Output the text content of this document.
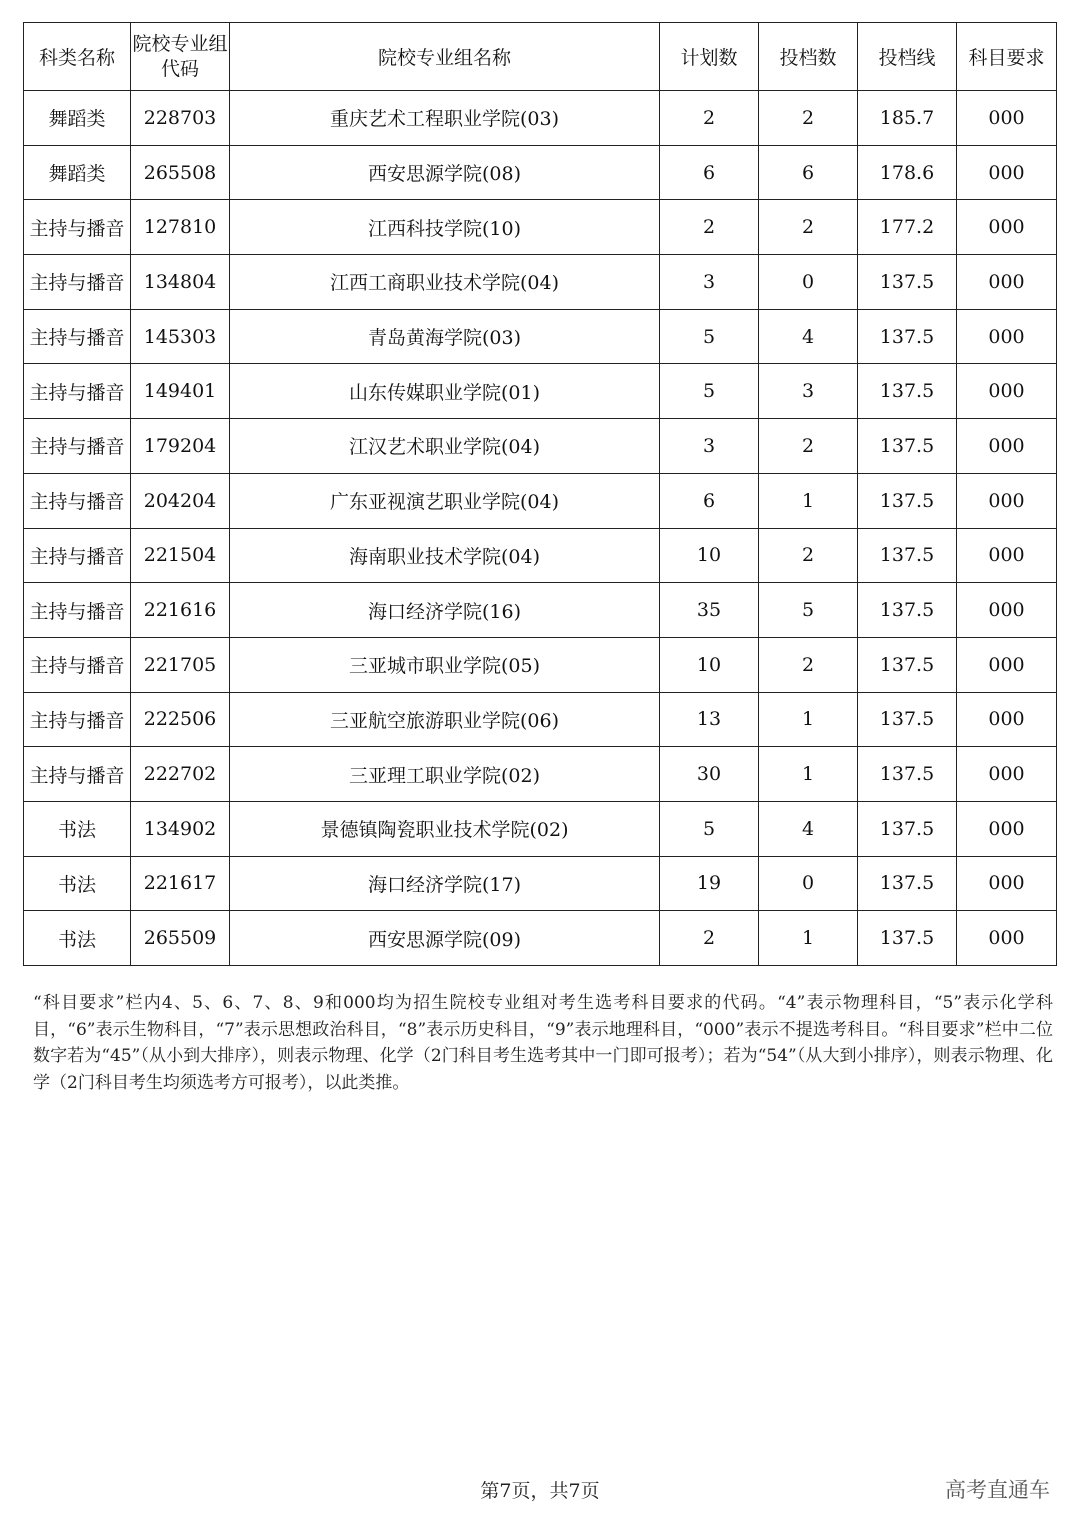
科类名称	院校专业组代码	院校专业组名称	计划数	投档数	投档线	科目要求
舞蹈类	228703	重庆艺术工程职业学院(03)	2	2	185.7	000
舞蹈类	265508	西安思源学院(08)	6	6	178.6	000
主持与播音	127810	江西科技学院(10)	2	2	177.2	000
主持与播音	134804	江西工商职业技术学院(04)	3	0	137.5	000
主持与播音	145303	青岛黄海学院(03)	5	4	137.5	000
主持与播音	149401	山东传媒职业学院(01)	5	3	137.5	000
主持与播音	179204	江汉艺术职业学院(04)	3	2	137.5	000
主持与播音	204204	广东亚视演艺职业学院(04)	6	1	137.5	000
主持与播音	221504	海南职业技术学院(04)	10	2	137.5	000
主持与播音	221616	海口经济学院(16)	35	5	137.5	000
主持与播音	221705	三亚城市职业学院(05)	10	2	137.5	000
主持与播音	222506	三亚航空旅游职业学院(06)	13	1	137.5	000
主持与播音	222702	三亚理工职业学院(02)	30	1	137.5	000
书法	134902	景德镇陶瓷职业技术学院(02)	5	4	137.5	000
书法	221617	海口经济学院(17)	19	0	137.5	000
书法	265509	西安思源学院(09)	2	1	137.5	000
“科目要求”栏内4、5、6、7、8、9和000均为招生院校专业组对考生选考科目要求的代码。“4”表示物理科目，“5”表示化学科目，“6”表示生物科目，“7”表示思想政治科目，“8”表示历史科目，“9”表示地理科目，“000”表示不提选考科目。“科目要求”栏中二位数字若为“45”（从小到大排序），则表示物理、化学（2门科目考生选考其中一门即可报考）；若为“54”（从大到小排序），则表示物理、化学（2门科目考生均须选考方可报考），以此类推。
第7页，共7页	高考直通车
